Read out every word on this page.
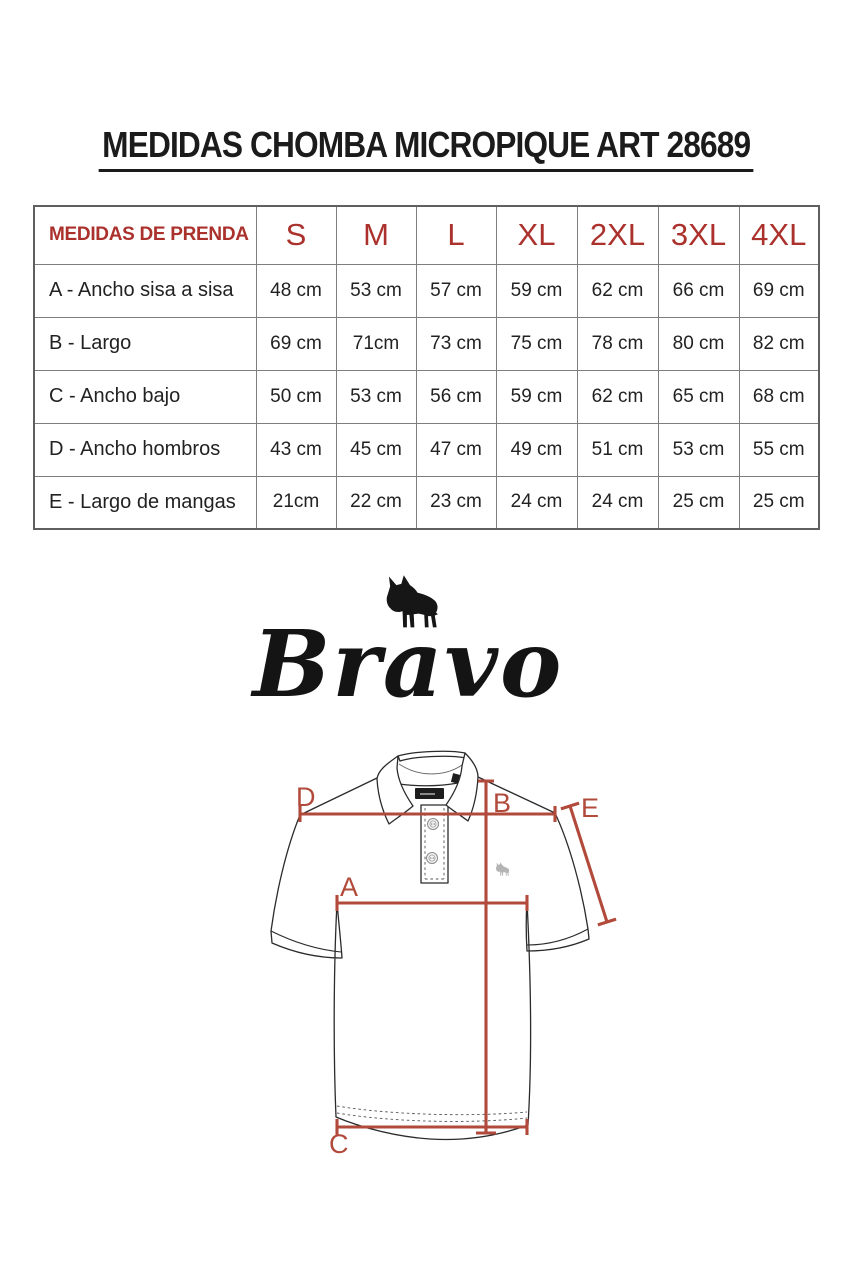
MEDIDAS CHOMBA MICROPIQUE ART 28689
MEDIDAS DE PRENDA	S	M	L	XL	2XL	3XL	4XL
A - Ancho sisa a sisa	48 cm	53 cm	57 cm	59 cm	62 cm	66 cm	69 cm
B - Largo	69 cm	71cm	73 cm	75 cm	78 cm	80 cm	82 cm
C - Ancho bajo	50 cm	53 cm	56 cm	59 cm	62 cm	65 cm	68 cm
D - Ancho hombros	43 cm	45 cm	47 cm	49 cm	51 cm	53 cm	55 cm
E - Largo de mangas	21cm	22 cm	23 cm	24 cm	24 cm	25 cm	25 cm
Bravo
D	B
A
C
E
